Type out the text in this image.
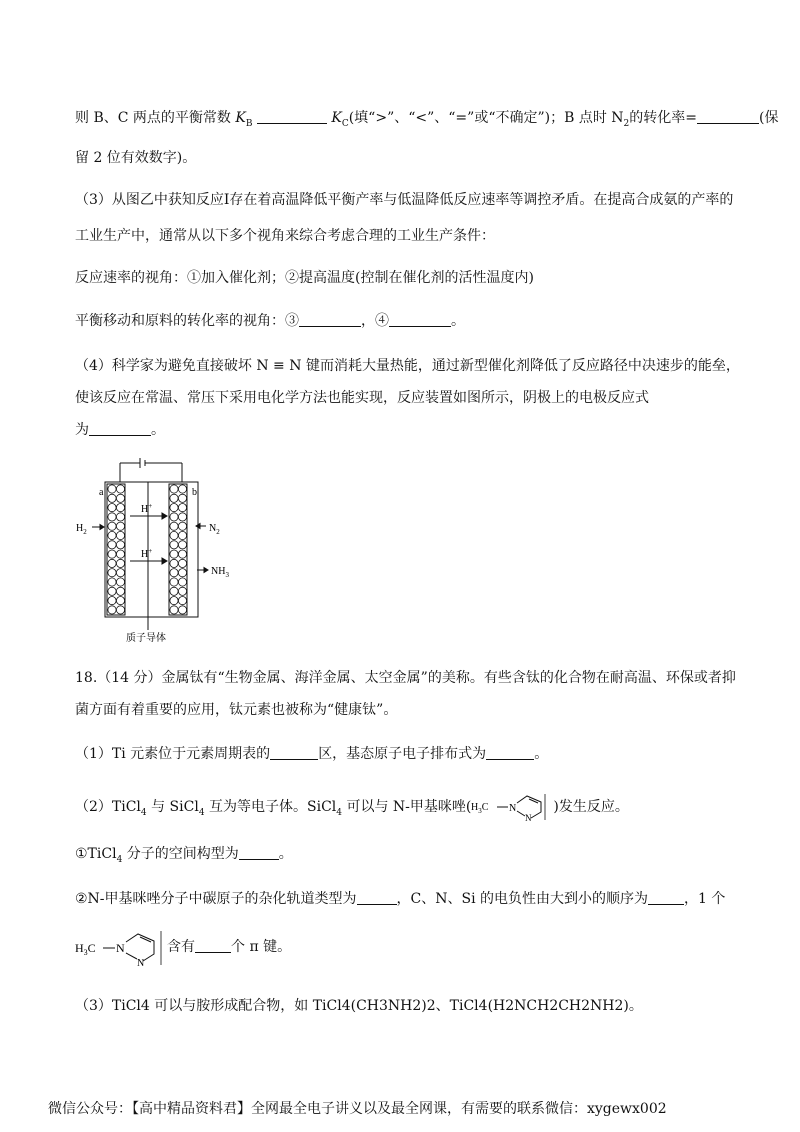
则 B、C 两点的平衡常数 $K_B$	$K_C$(填“>”、“<”、“=”或“不确定”)；B 点时 $N_2$的转化率=	(保
留 2 位有效数字)。
（3）从图乙中获知反应I存在着高温降低平衡产率与低温降低反应速率等调控矛盾。在提高合成氨的产率的
工业生产中，通常从以下多个视角来综合考虑合理的工业生产条件：
反应速率的视角：①加入催化剂；②提高温度(控制在催化剂的活性温度内)
平衡移动和原料的转化率的视角：③	，④	。
（4）科学家为避免直接破坏 N ≡ N 键而消耗大量热能，通过新型催化剂降低了反应路径中决速步的能垒，
使该反应在常温、常压下采用电化学方法也能实现，反应装置如图所示，阴极上的电极反应式
为	。
a	b
H+
H+
$H_2$	$N_2$
$NH_3$
质子导体
18.（14 分）金属钛有“生物金属、海洋金属、太空金属”的美称。有些含钛的化合物在耐高温、环保或者抑
菌方面有着重要的应用，钛元素也被称为“健康钛”。
（1）Ti 元素位于元素周期表的	区，基态原子电子排布式为	。
（2）TiCl$_4$ 与 SiCl$_4$ 互为等电子体。SiCl$_4$ 可以与 N-甲基咪唑( $H_3C$ N
N
)发生反应。
①TiCl$_4$ 分子的空间构型为	。
②N-甲基咪唑分子中碳原子的杂化轨道类型为	，C、N、Si 的电负性由大到小的顺序为	，1 个
$H_3C$ N
N
含有	个 π 键。
（3）TiCl4 可以与胺形成配合物，如 TiCl4(CH3NH2)2、TiCl4(H2NCH2CH2NH2)。
微信公众号：【高中精品资料君】全网最全电子讲义以及最全网课，有需要的联系微信：xygewx002
